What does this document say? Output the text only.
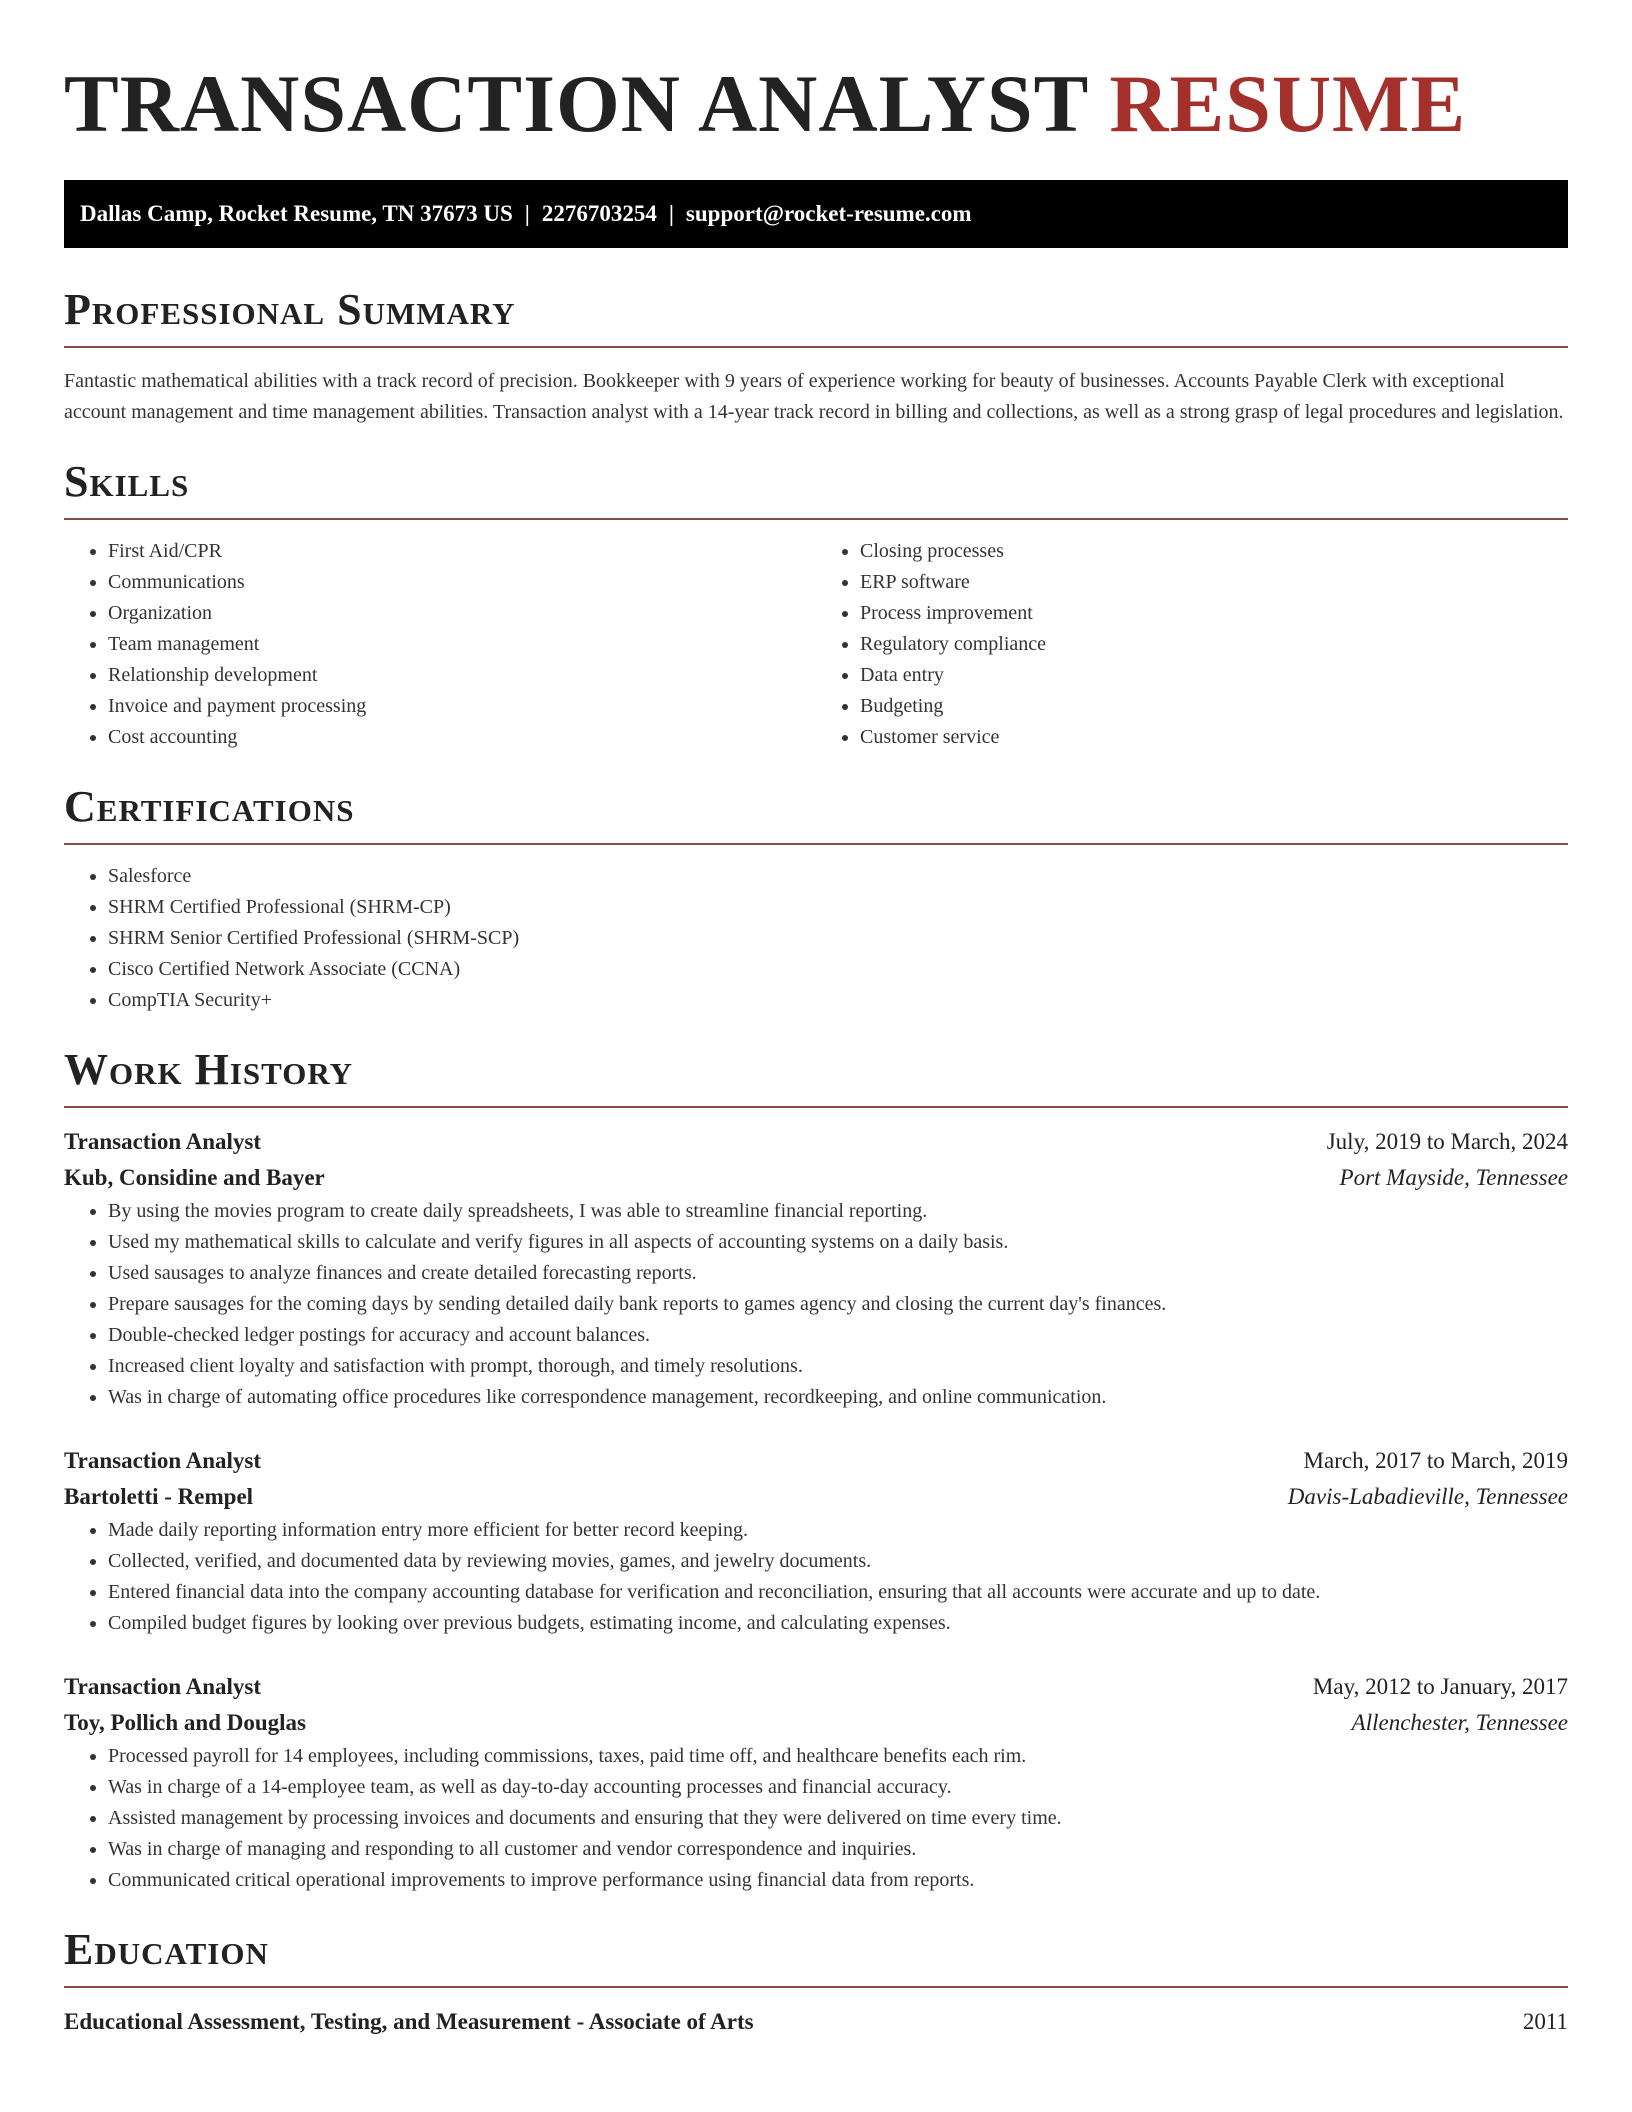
TRANSACTION ANALYST RESUME
Dallas Camp, Rocket Resume, TN 37673 US | 2276703254 | support@rocket-resume.com
Professional Summary

Fantastic mathematical abilities with a track record of precision. Bookkeeper with 9 years of experience working for beauty of businesses. Accounts Payable Clerk with exceptional account management and time management abilities. Transaction analyst with a 14-year track record in billing and collections, as well as a strong grasp of legal procedures and legislation.

Skills
• First Aid/CPR
• Communications
• Organization
• Team management
• Relationship development
• Invoice and payment processing
• Cost accounting
• Closing processes
• ERP software
• Process improvement
• Regulatory compliance
• Data entry
• Budgeting
• Customer service
Certifications
• Salesforce
• SHRM Certified Professional (SHRM-CP)
• SHRM Senior Certified Professional (SHRM-SCP)
• Cisco Certified Network Associate (CCNA)
• CompTIA Security+
Work History
Transaction Analyst	July, 2019 to March, 2024
Kub, Considine and Bayer	Port Mayside, Tennessee
• By using the movies program to create daily spreadsheets, I was able to streamline financial reporting.
• Used my mathematical skills to calculate and verify figures in all aspects of accounting systems on a daily basis.
• Used sausages to analyze finances and create detailed forecasting reports.
• Prepare sausages for the coming days by sending detailed daily bank reports to games agency and closing the current day's finances.
• Double-checked ledger postings for accuracy and account balances.
• Increased client loyalty and satisfaction with prompt, thorough, and timely resolutions.
• Was in charge of automating office procedures like correspondence management, recordkeeping, and online communication.
Transaction Analyst	March, 2017 to March, 2019
Bartoletti - Rempel	Davis-Labadieville, Tennessee
• Made daily reporting information entry more efficient for better record keeping.
• Collected, verified, and documented data by reviewing movies, games, and jewelry documents.
• Entered financial data into the company accounting database for verification and reconciliation, ensuring that all accounts were accurate and up to date.
• Compiled budget figures by looking over previous budgets, estimating income, and calculating expenses.
Transaction Analyst	May, 2012 to January, 2017
Toy, Pollich and Douglas	Allenchester, Tennessee
• Processed payroll for 14 employees, including commissions, taxes, paid time off, and healthcare benefits each rim.
• Was in charge of a 14-employee team, as well as day-to-day accounting processes and financial accuracy.
• Assisted management by processing invoices and documents and ensuring that they were delivered on time every time.
• Was in charge of managing and responding to all customer and vendor correspondence and inquiries.
• Communicated critical operational improvements to improve performance using financial data from reports.
Education
Educational Assessment, Testing, and Measurement - Associate of Arts	2011
